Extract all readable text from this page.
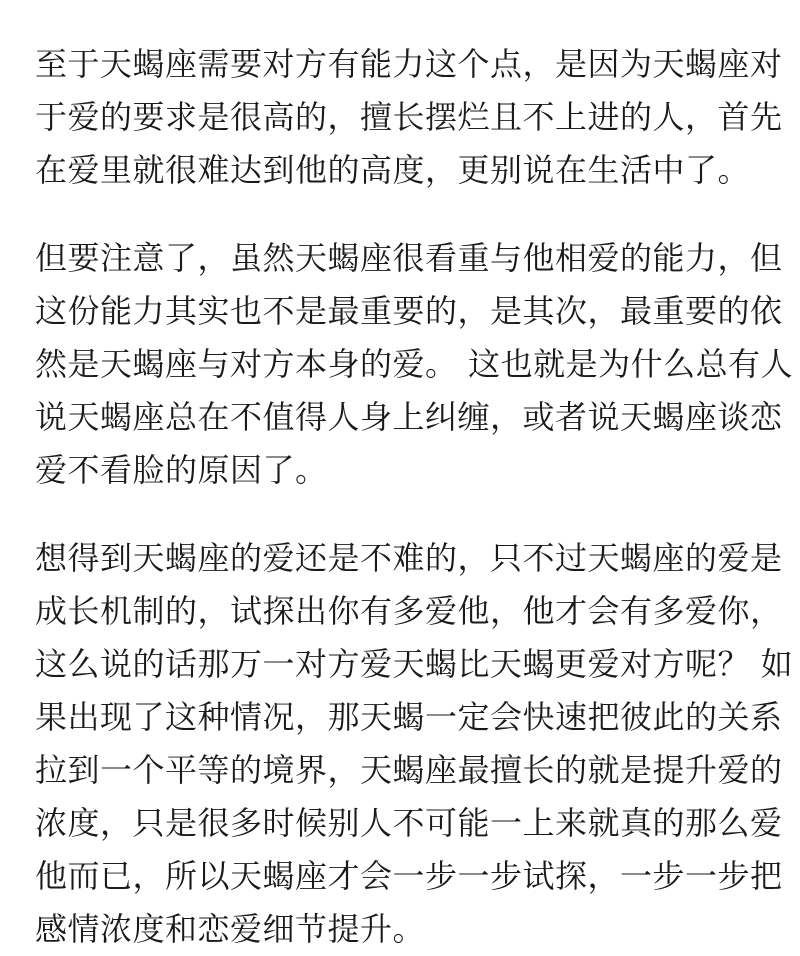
至于天蝎座需要对方有能力这个点，是因为天蝎座对
于爱的要求是很高的，擅长摆烂且不上进的人，首先
在爱里就很难达到他的高度，更别说在生活中了。
但要注意了，虽然天蝎座很看重与他相爱的能力，但
这份能力其实也不是最重要的，是其次，最重要的依
然是天蝎座与对方本身的爱。 这也就是为什么总有人
说天蝎座总在不值得人身上纠缠，或者说天蝎座谈恋
爱不看脸的原因了。
想得到天蝎座的爱还是不难的，只不过天蝎座的爱是
成长机制的，试探出你有多爱他，他才会有多爱你，
这么说的话那万一对方爱天蝎比天蝎更爱对方呢？ 如
果出现了这种情况，那天蝎一定会快速把彼此的关系
拉到一个平等的境界，天蝎座最擅长的就是提升爱的
浓度，只是很多时候别人不可能一上来就真的那么爱
他而已，所以天蝎座才会一步一步试探，一步一步把
感情浓度和恋爱细节提升。
